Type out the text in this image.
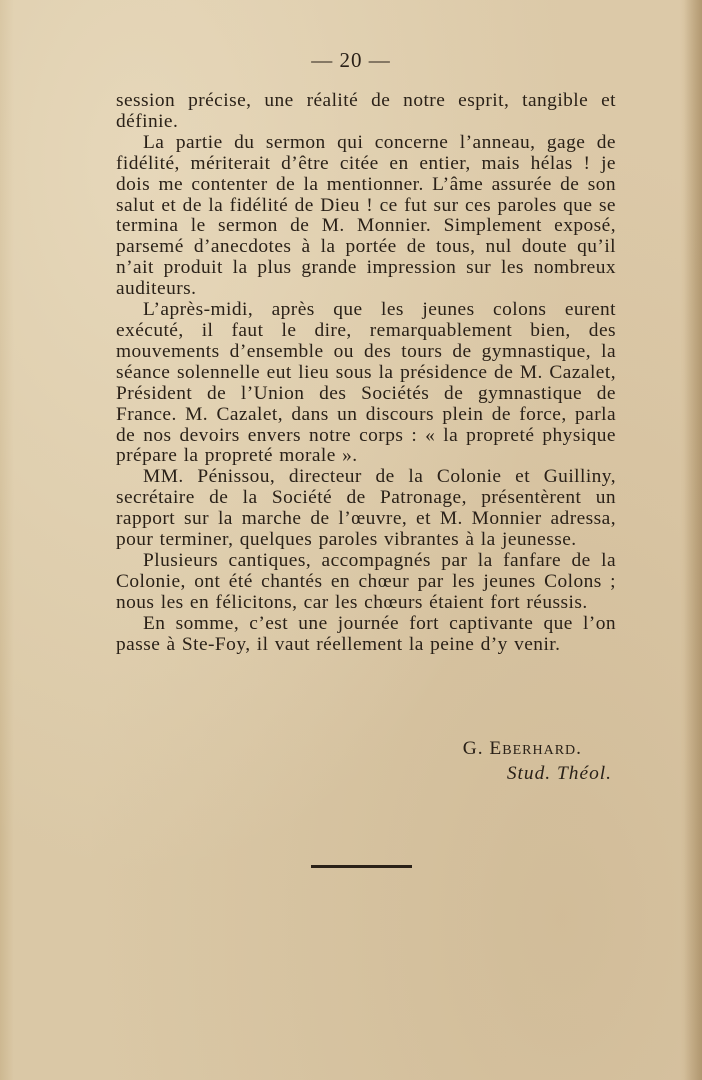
— 20 —

session précise, une réalité de notre esprit, tangible et définie.

La partie du sermon qui concerne l’anneau, gage de fidélité, mériterait d’être citée en entier, mais hélas ! je dois me contenter de la mentionner. L’âme assurée de son salut et de la fidélité de Dieu ! ce fut sur ces paroles que se termina le sermon de M. Monnier. Simplement exposé, parsemé d’anecdotes à la portée de tous, nul doute qu’il n’ait produit la plus grande impression sur les nombreux auditeurs.

L’après-midi, après que les jeunes colons eurent exécuté, il faut le dire, remarquablement bien, des mouvements d’ensemble ou des tours de gymnastique, la séance solennelle eut lieu sous la présidence de M. Cazalet, Président de l’Union des Sociétés de gymnastique de France. M. Cazalet, dans un discours plein de force, parla de nos devoirs envers notre corps : « la propreté physique prépare la propreté morale ».

MM. Pénissou, directeur de la Colonie et Guilliny, secrétaire de la Société de Patronage, présentèrent un rapport sur la marche de l’œuvre, et M. Monnier adressa, pour terminer, quelques paroles vibrantes à la jeunesse.

Plusieurs cantiques, accompagnés par la fanfare de la Colonie, ont été chantés en chœur par les jeunes Colons ; nous les en félicitons, car les chœurs étaient fort réussis.

En somme, c’est une journée fort captivante que l’on passe à Ste-Foy, il vaut réellement la peine d’y venir.

G. Eberhard.
Stud. Théol.
